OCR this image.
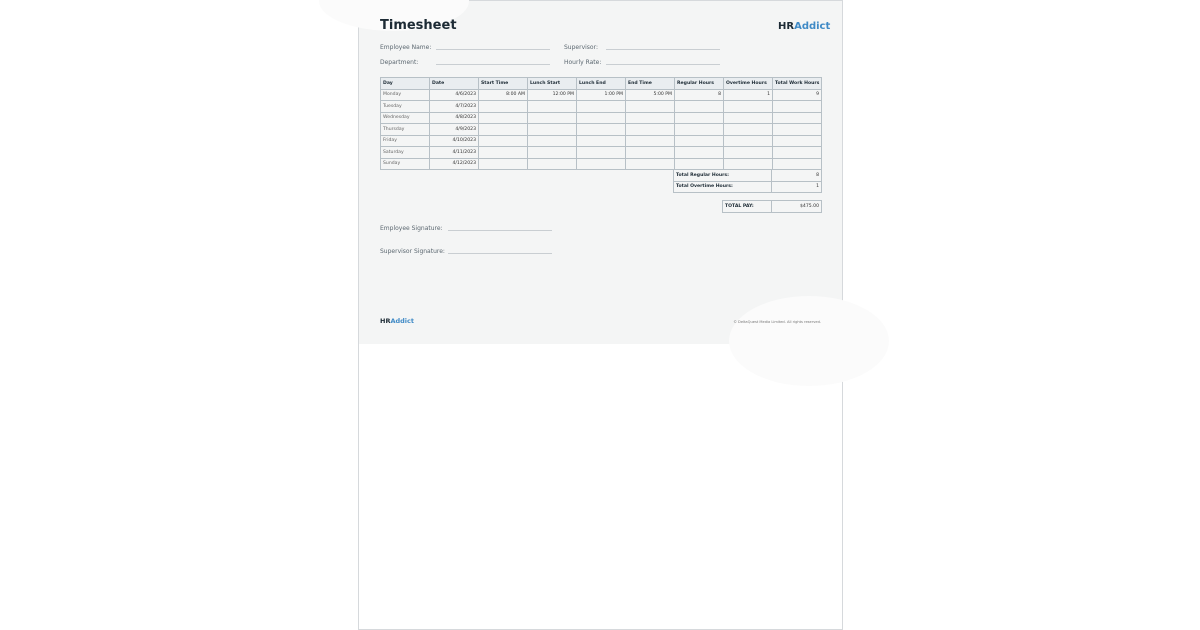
Timesheet	HRAddict
Employee Name:	Supervisor:
Department:	Hourly Rate:
Day	Date	Start Time	Lunch Start	Lunch End	End Time	Regular Hours	Overtime Hours	Total Work Hours
Monday	4/6/2023	8:00 AM	12:00 PM	1:00 PM	5:00 PM	8	1	9
Tuesday	4/7/2023							
Wednesday	4/8/2023							
Thursday	4/9/2023							
Friday	4/10/2023							
Saturday	4/11/2023							
Sunday	4/12/2023							
Total Regular Hours:	8
Total Overtime Hours:	1
TOTAL PAY:	$475.00
Employee Signature:
Supervisor Signature:
HRAddict	© DeltaQuest Media Limited. All rights reserved.
